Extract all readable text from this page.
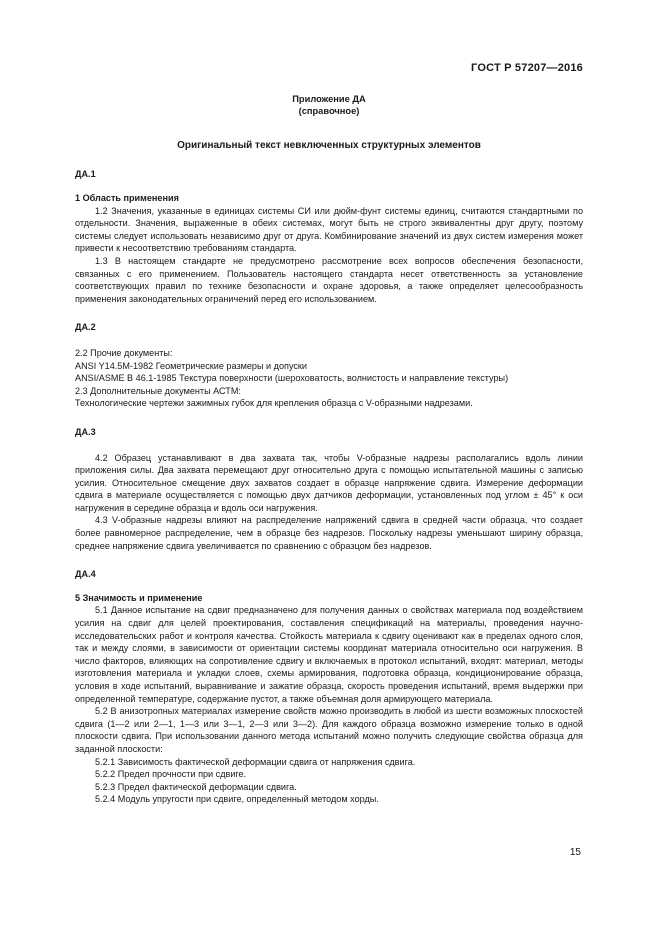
ГОСТ Р 57207—2016

Приложение ДА

(справочное)

Оригинальный текст невключенных структурных элементов

ДА.1

1 Область применения

1.2 Значения, указанные в единицах системы СИ или дюйм-фунт системы единиц, считаются стандартными по отдельности. Значения, выраженные в обеих системах, могут быть не строго эквивалентны друг другу, поэтому системы следует использовать независимо друг от друга. Комбинирование значений из двух систем измерения может привести к несоответствию требованиям стандарта.

1.3 В настоящем стандарте не предусмотрено рассмотрение всех вопросов обеспечения безопасности, связанных с его применением. Пользователь настоящего стандарта несет ответственность за установление соответствующих правил по технике безопасности и охране здоровья, а также определяет целесообразность применения законодательных ограничений перед его использованием.

ДА.2

2.2 Прочие документы:

ANSI Y14.5M-1982 Геометрические размеры и допуски

ANSI/ASME B 46.1-1985 Текстура поверхности (шероховатость, волнистость и направление текстуры)

2.3 Дополнительные документы АСТМ:

Технологические чертежи зажимных губок для крепления образца с V-образными надрезами.

ДА.3

4.2 Образец устанавливают в два захвата так, чтобы V-образные надрезы располагались вдоль линии приложения силы. Два захвата перемещают друг относительно друга с помощью испытательной машины с записью усилия. Относительное смещение двух захватов создает в образце напряжение сдвига. Измерение деформации сдвига в материале осуществляется с помощью двух датчиков деформации, установленных под углом ± 45° к оси нагружения в середине образца и вдоль оси нагружения.

4.3 V-образные надрезы влияют на распределение напряжений сдвига в средней части образца, что создает более равномерное распределение, чем в образце без надрезов. Поскольку надрезы уменьшают ширину образца, среднее напряжение сдвига увеличивается по сравнению с образцом без надрезов.

ДА.4

5 Значимость и применение

5.1 Данное испытание на сдвиг предназначено для получения данных о свойствах материала под воздействием усилия на сдвиг для целей проектирования, составления спецификаций на материалы, проведения научно-исследовательских работ и контроля качества. Стойкость материала к сдвигу оценивают как в пределах одного слоя, так и между слоями, в зависимости от ориентации системы координат материала относительно оси нагружения. В число факторов, влияющих на сопротивление сдвигу и включаемых в протокол испытаний, входят: материал, методы изготовления материала и укладки слоев, схемы армирования, подготовка образца, кондиционирование образца, условия в ходе испытаний, выравнивание и зажатие образца, скорость проведения испытаний, время выдержки при определенной температуре, содержание пустот, а также объемная доля армирующего материала.

5.2 В анизотропных материалах измерение свойств можно производить в любой из шести возможных плоскостей сдвига (1—2 или 2—1, 1—3 или 3—1, 2—3 или 3—2). Для каждого образца возможно измерение только в одной плоскости сдвига. При использовании данного метода испытаний можно получить следующие свойства образца для заданной плоскости:

5.2.1 Зависимость фактической деформации сдвига от напряжения сдвига.

5.2.2 Предел прочности при сдвиге.

5.2.3 Предел фактической деформации сдвига.

5.2.4 Модуль упругости при сдвиге, определенный методом хорды.

15
